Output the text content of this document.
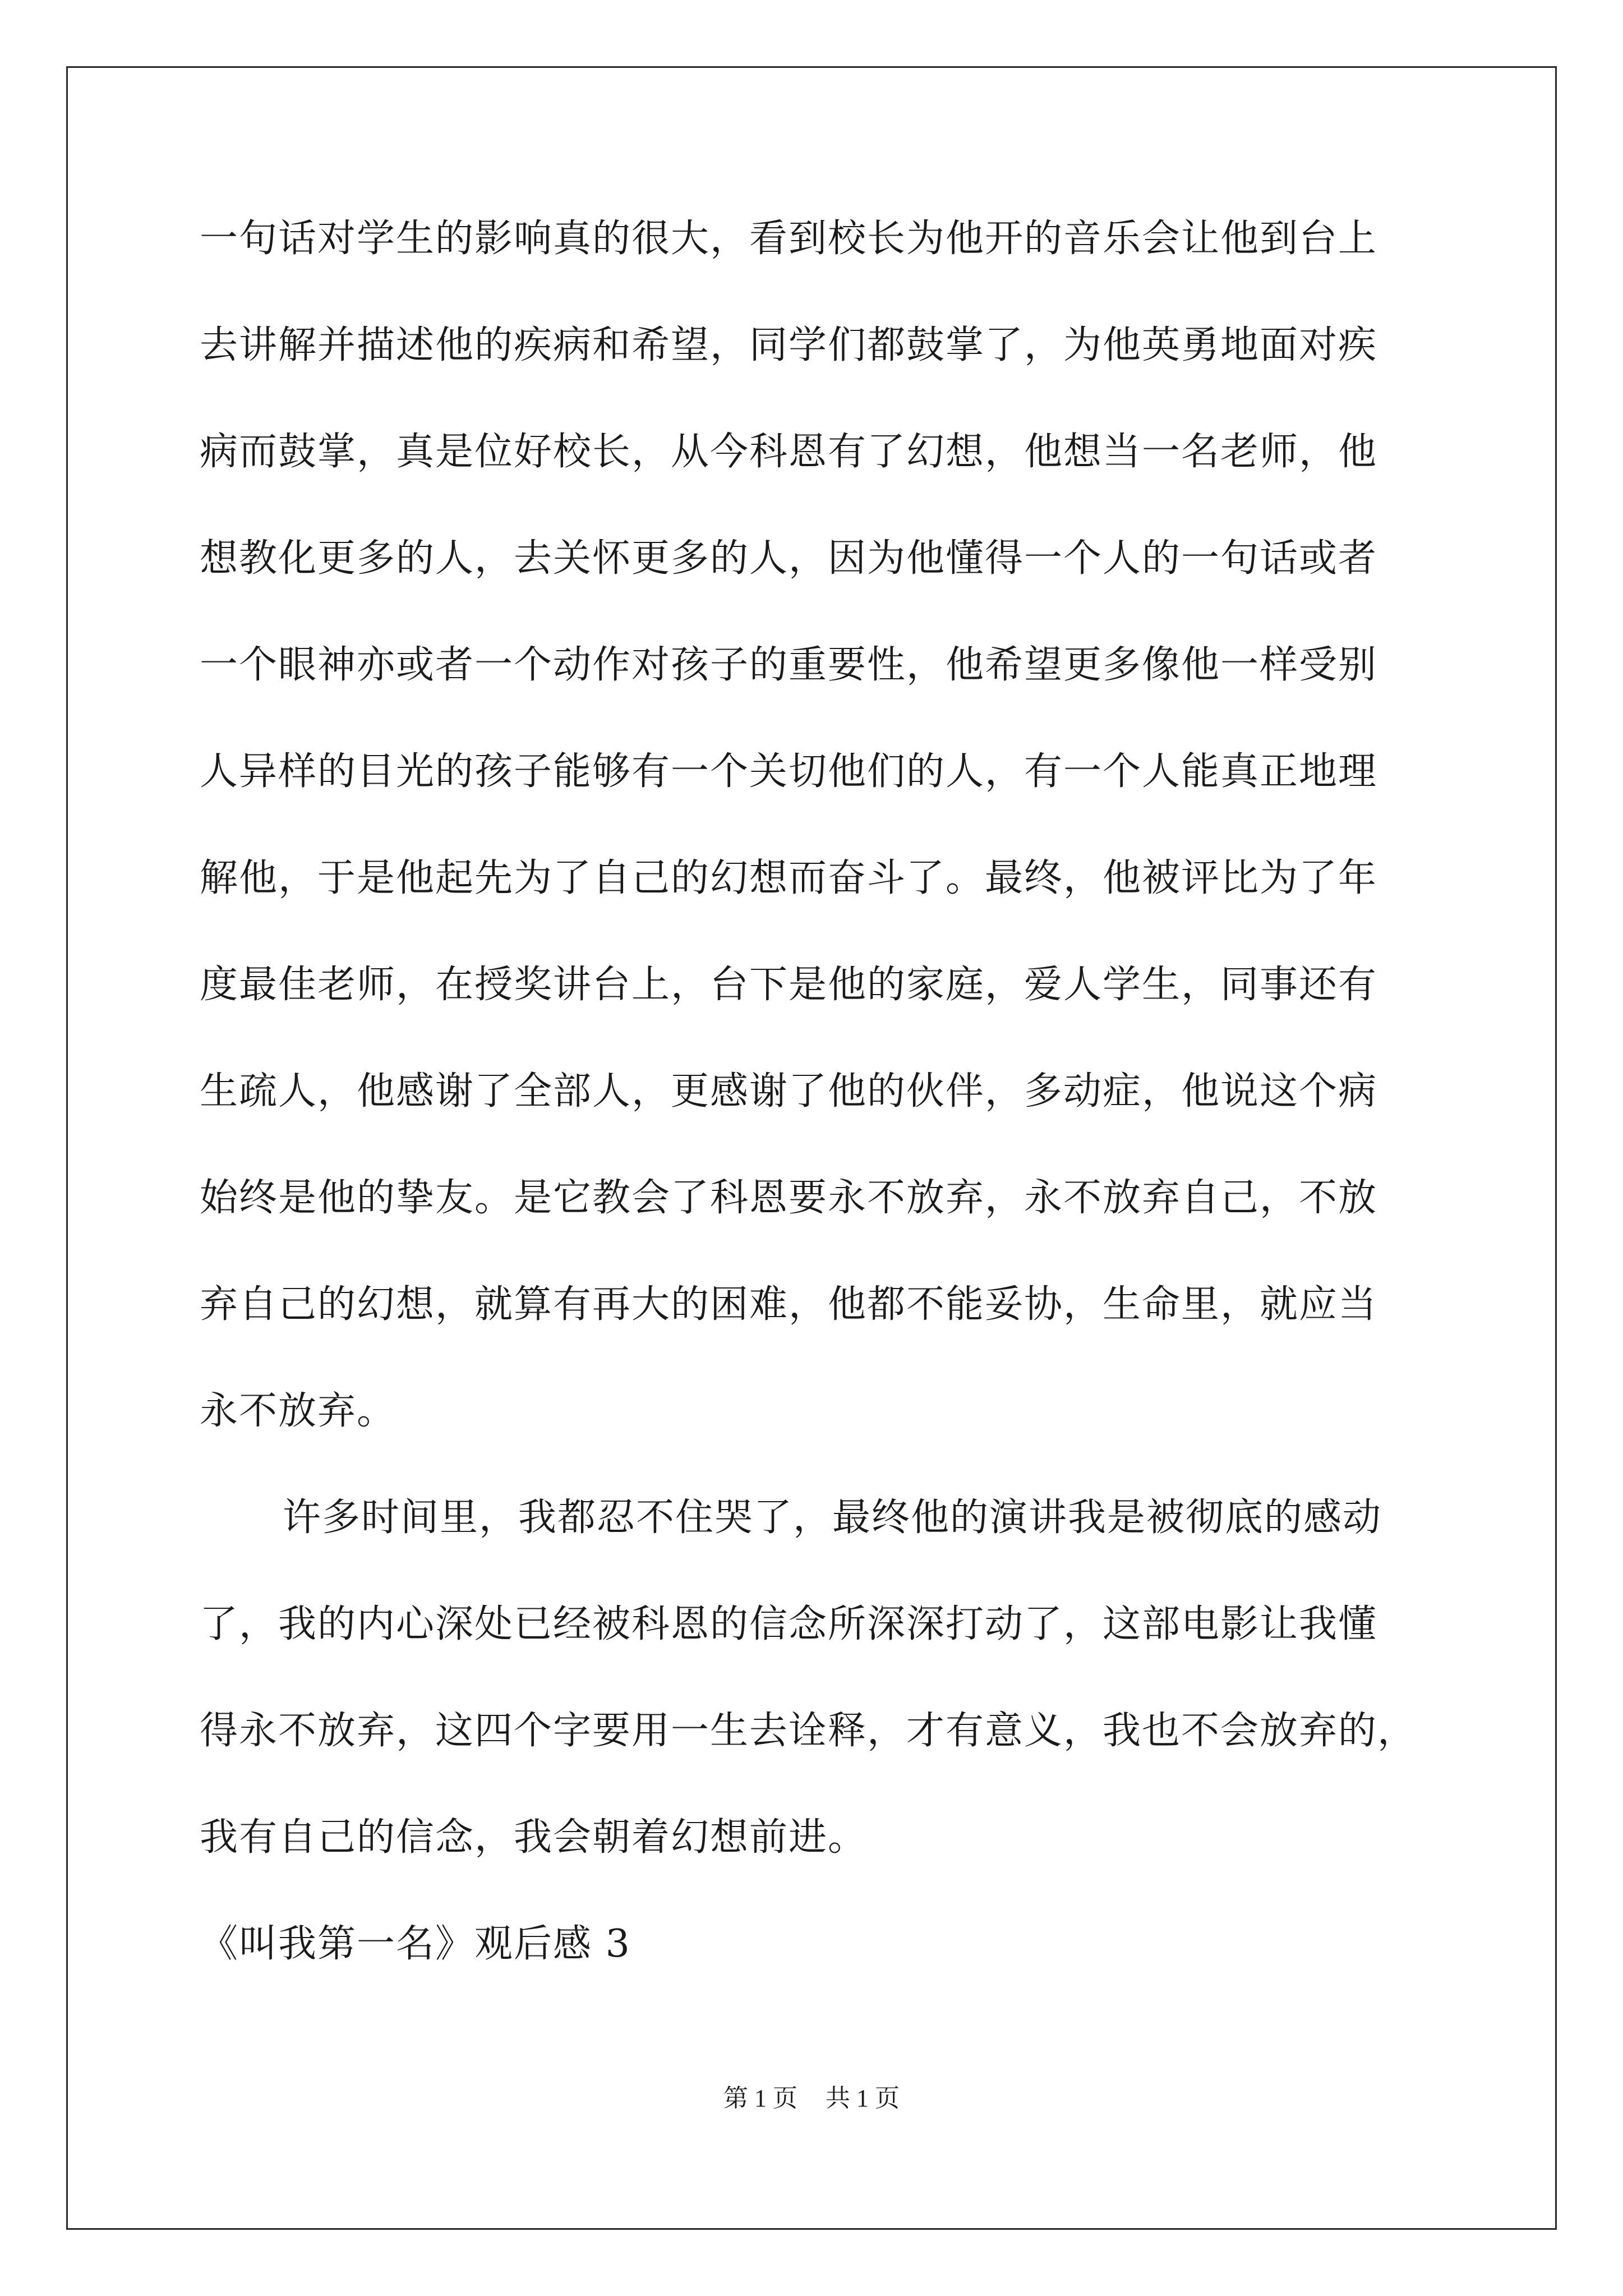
一句话对学生的影响真的很大，看到校长为他开的音乐会让他到台上
去讲解并描述他的疾病和希望，同学们都鼓掌了，为他英勇地面对疾
病而鼓掌，真是位好校长，从今科恩有了幻想，他想当一名老师，他
想教化更多的人，去关怀更多的人，因为他懂得一个人的一句话或者
一个眼神亦或者一个动作对孩子的重要性，他希望更多像他一样受别
人异样的目光的孩子能够有一个关切他们的人，有一个人能真正地理
解他，于是他起先为了自己的幻想而奋斗了。最终，他被评比为了年
度最佳老师，在授奖讲台上，台下是他的家庭，爱人学生，同事还有
生疏人，他感谢了全部人，更感谢了他的伙伴，多动症，他说这个病
始终是他的挚友。是它教会了科恩要永不放弃，永不放弃自己，不放
弃自己的幻想，就算有再大的困难，他都不能妥协，生命里，就应当
永不放弃。
许多时间里，我都忍不住哭了，最终他的演讲我是被彻底的感动
了，我的内心深处已经被科恩的信念所深深打动了，这部电影让我懂
得永不放弃，这四个字要用一生去诠释，才有意义，我也不会放弃的，
我有自己的信念，我会朝着幻想前进。
《叫我第一名》观后感 3
第 1 页 共 1 页
